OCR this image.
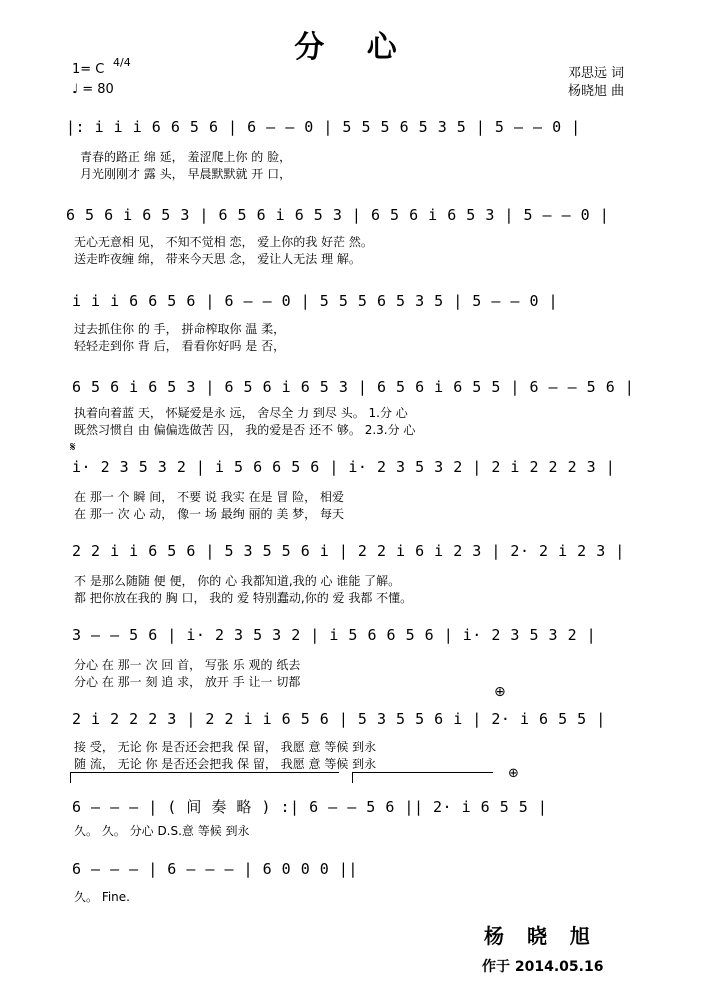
分 心
1= C 4/4
♩ = 80
邓思远 词
杨晓旭 曲
|: i i i 6 6 5 6 | 6 — — 0 | 5 5 5 6 5 3 5 | 5 — — 0 |
青春的路正 绵 延， 羞涩爬上你 的 脸，
月光刚刚才 露 头， 早晨默默就 开 口，
6 5 6 i 6 5 3 | 6 5 6 i 6 5 3 | 6 5 6 i 6 5 3 | 5 — — 0 |
无心无意相 见， 不知不觉相 恋， 爱上你的我 好茫 然。
送走昨夜缠 绵， 带来今天思 念， 爱让人无法 理 解。
i i i 6 6 5 6 | 6 — — 0 | 5 5 5 6 5 3 5 | 5 — — 0 |
过去抓住你 的 手， 拼命榨取你 温 柔，
轻轻走到你 背 后， 看看你好吗 是 否，
6 5 6 i 6 5 3 | 6 5 6 i 6 5 3 | 6 5 6 i 6 5 5 | 6 — — 5 6 |
执着向着蓝 天， 怀疑爱是永 远， 舍尽全 力 到尽 头。 1.分 心
既然习惯自 由 偏偏选做苦 囚， 我的爱是否 还不 够。 2.3.分 心
𝄋
i· 2 3 5 3 2 | i 5 6 6 5 6 | i· 2 3 5 3 2 | 2 i 2 2 2 3 |
在 那一 个 瞬 间， 不要 说 我实 在是 冒 险， 相爱
在 那一 次 心 动， 像一 场 最绚 丽的 美 梦， 每天
2 2 i i 6 5 6 | 5 3 5 5 6 i | 2 2 i 6 i 2 3 | 2· 2 i 2 3 |
不 是那么随随 便 便， 你的 心 我都知道,我的 心 谁能 了解。
都 把你放在我的 胸 口， 我的 爱 特别蠢动,你的 爱 我都 不懂。
3 — — 5 6 | i· 2 3 5 3 2 | i 5 6 6 5 6 | i· 2 3 5 3 2 |
分心 在 那一 次 回 首， 写张 乐 观的 纸去
分心 在 那一 刻 追 求， 放开 手 让一 切都
⊕
2 i 2 2 2 3 | 2 2 i i 6 5 6 | 5 3 5 5 6 i | 2· i 6 5 5 |
接 受， 无论 你 是否还会把我 保 留， 我愿 意 等候 到永
随 流， 无论 你 是否还会把我 保 留， 我愿 意 等候 到永
⊕
6 — — — | ( 间 奏 略 ) :| 6 — — 5 6 || 2· i 6 5 5 |
久。 久。 分心 D.S.意 等候 到永
6 — — — | 6 — — — | 6 0 0 0 ||
久。 Fine.
杨 晓 旭
作于 2014.05.16
